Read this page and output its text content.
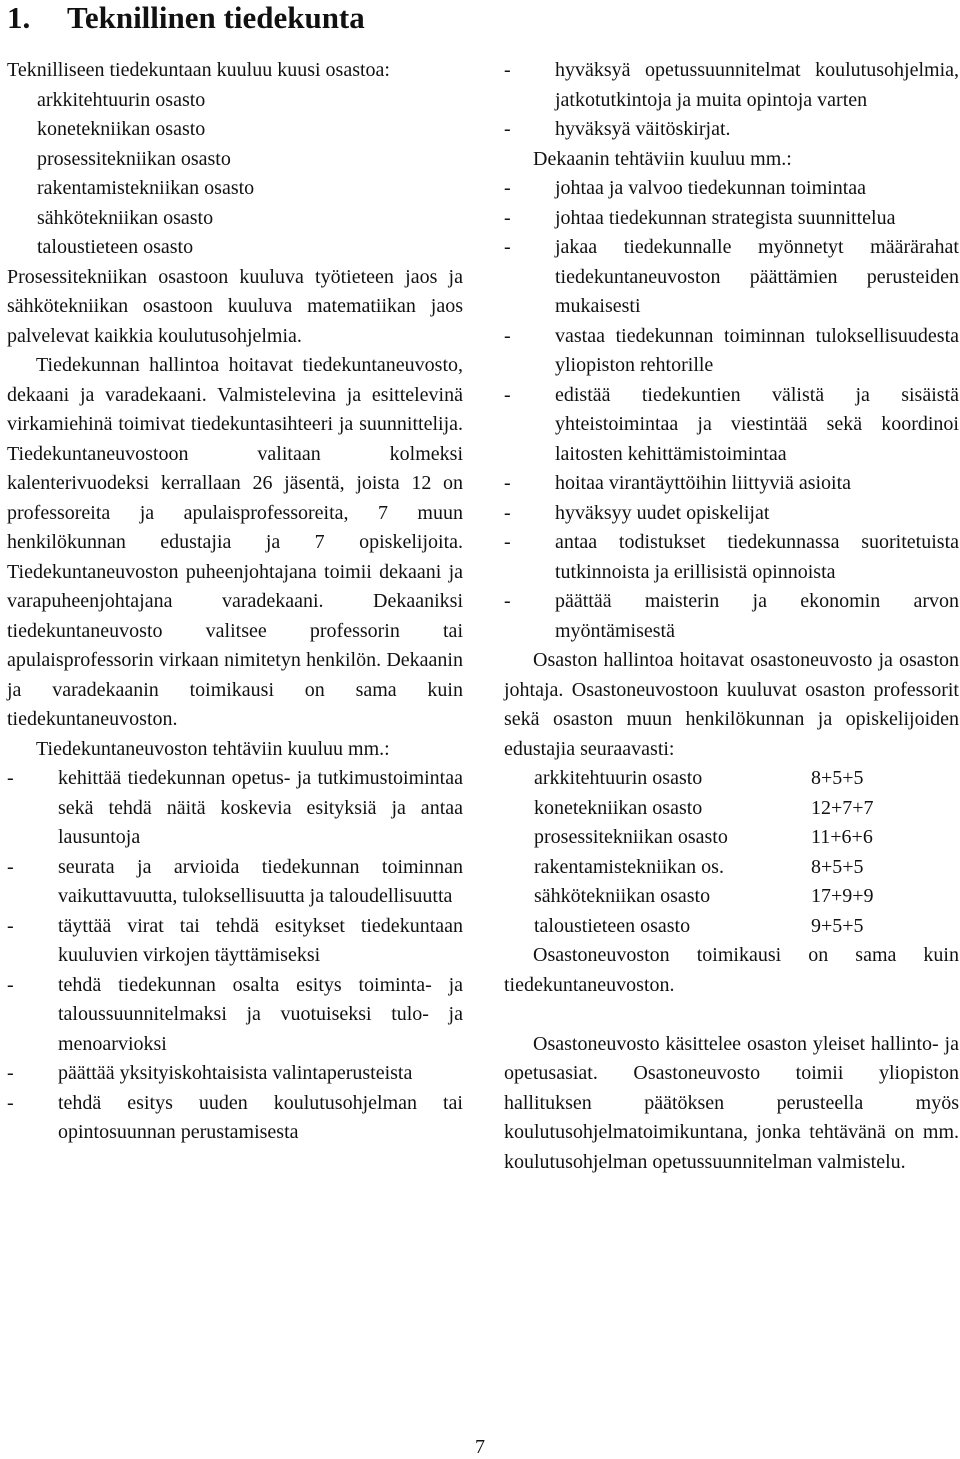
1. Teknillinen tiedekunta

Teknilliseen tiedekuntaan kuuluu kuusi osastoa:

arkkitehtuurin osasto
konetekniikan osasto
prosessitekniikan osasto
rakentamistekniikan osasto
sähkötekniikan osasto
taloustieteen osasto

Prosessitekniikan osastoon kuuluva työtieteen jaos ja sähkötekniikan osastoon kuuluva matematiikan jaos palvelevat kaikkia koulutusohjelmia.

Tiedekunnan hallintoa hoitavat tiedekuntaneuvosto, dekaani ja varadekaani. Valmistelevina ja esittelevinä virkamiehinä toimivat tiedekuntasihteeri ja suunnittelija. Tiedekuntaneuvostoon valitaan kolmeksi kalenterivuodeksi kerrallaan 26 jäsentä, joista 12 on professoreita ja apulaisprofessoreita, 7 muun henkilökunnan edustajia ja 7 opiskelijoita. Tiedekuntaneuvoston puheenjohtajana toimii dekaani ja varapuheenjohtajana varadekaani. Dekaaniksi tiedekuntaneuvosto valitsee professorin tai apulaisprofessorin virkaan nimitetyn henkilön. Dekaanin ja varadekaanin toimikausi on sama kuin tiedekuntaneuvoston.

Tiedekuntaneuvoston tehtäviin kuuluu mm.:

- kehittää tiedekunnan opetus- ja tutkimustoimintaa sekä tehdä näitä koskevia esityksiä ja antaa lausuntoja

- seurata ja arvioida tiedekunnan toiminnan vaikuttavuutta, tuloksellisuutta ja taloudellisuutta

- täyttää virat tai tehdä esitykset tiedekuntaan kuuluvien virkojen täyttämiseksi

- tehdä tiedekunnan osalta esitys toiminta- ja taloussuunnitelmaksi ja vuotuiseksi tulo- ja menoarvioksi

- päättää yksityiskohtaisista valintaperusteista

- tehdä esitys uuden koulutusohjelman tai opintosuunnan perustamisesta

- hyväksyä opetussuunnitelmat koulutusohjelmia, jatkotutkintoja ja muita opintoja varten

- hyväksyä väitöskirjat.

Dekaanin tehtäviin kuuluu mm.:

- johtaa ja valvoo tiedekunnan toimintaa

- johtaa tiedekunnan strategista suunnittelua

- jakaa tiedekunnalle myönnetyt määrärahat tiedekuntaneuvoston päättämien perusteiden mukaisesti

- vastaa tiedekunnan toiminnan tuloksellisuudesta yliopiston rehtorille

- edistää tiedekuntien välistä ja sisäistä yhteistoimintaa ja viestintää sekä koordinoi laitosten kehittämistoimintaa

- hoitaa virantäyttöihin liittyviä asioita

- hyväksyy uudet opiskelijat

- antaa todistukset tiedekunnassa suoritetuista tutkinnoista ja erillisistä opinnoista

- päättää maisterin ja ekonomin arvon myöntämisestä

Osaston hallintoa hoitavat osastoneuvosto ja osaston johtaja. Osastoneuvostoon kuuluvat osaston professorit sekä osaston muun henkilökunnan ja opiskelijoiden edustajia seuraavasti:

arkkitehtuurin osasto	8+5+5
konetekniikan osasto	12+7+7
prosessitekniikan osasto	11+6+6
rakentamistekniikan os.	8+5+5
sähkötekniikan osasto	17+9+9
taloustieteen osasto	9+5+5

Osastoneuvoston toimikausi on sama kuin tiedekuntaneuvoston.

Osastoneuvosto käsittelee osaston yleiset hallinto- ja opetusasiat. Osastoneuvosto toimii yliopiston hallituksen päätöksen perusteella myös koulutusohjelmatoimikuntana, jonka tehtävänä on mm. koulutusohjelman opetussuunnitelman valmistelu.

7
